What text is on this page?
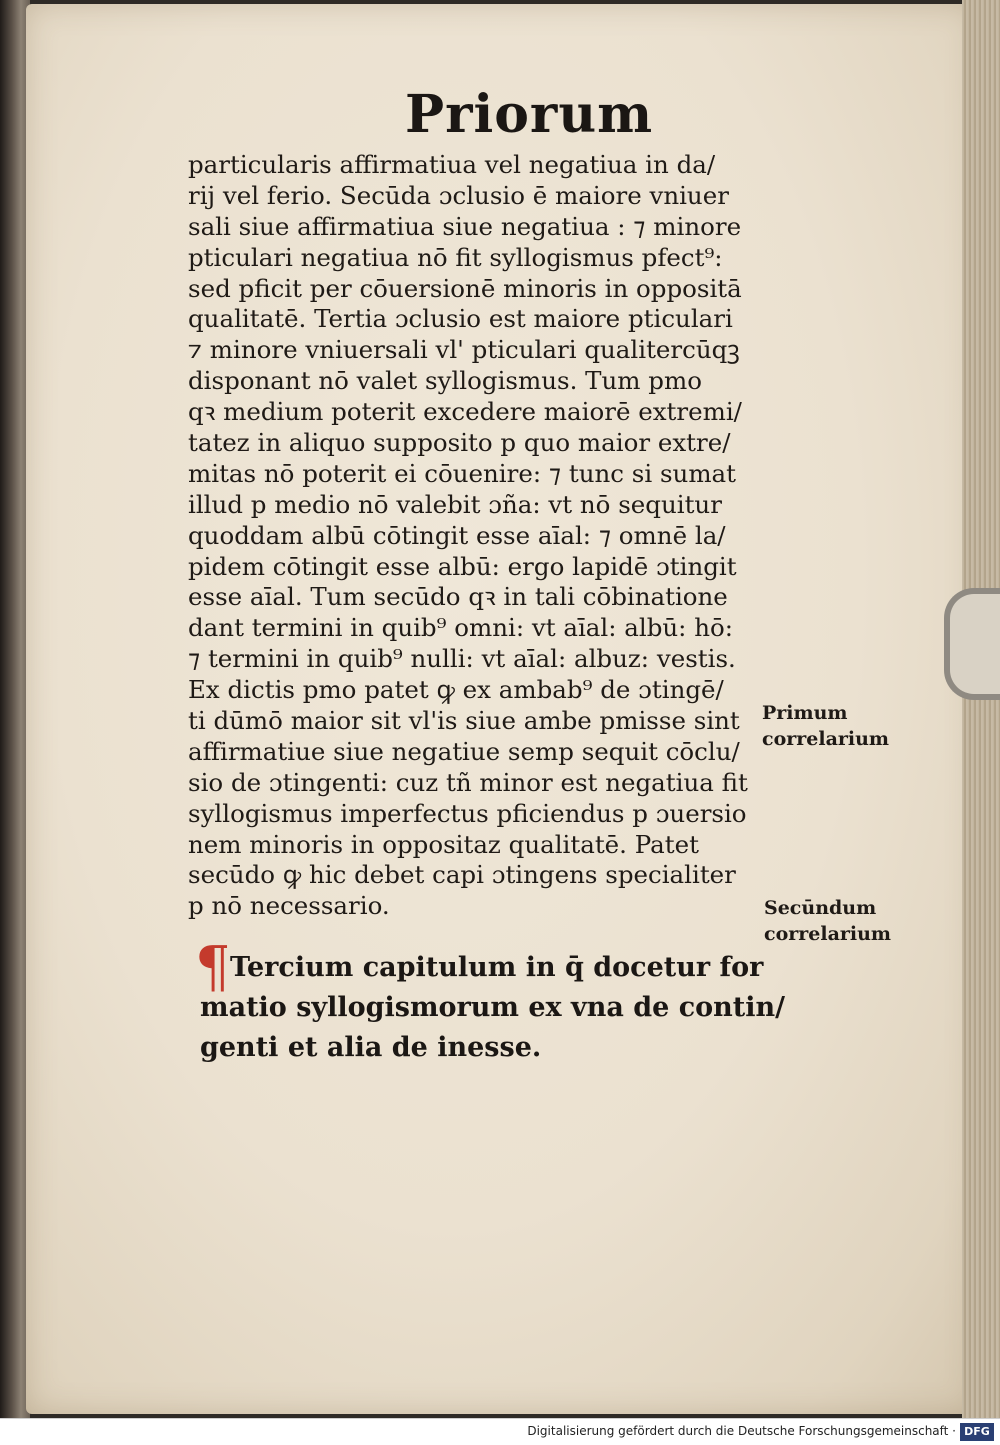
Priorum
particularis affirmatiua vel negatiua in da/
rij vel ferio. Secūda ɔclusio ē maiore vniuer
sali siue affirmatiua siue negatiua : ⁊ minore
pticulari negatiua nō fit syllogismus pfect⁹:
sed pficit per cōuersionē minoris in oppositā
qualitatē. Tertia ɔclusio est maiore pticulari
⁊ minore vniuersali vl' pticulari qualitercūqꝫ
disponant nō valet syllogismus. Tum pmo
qꝛ medium poterit excedere maiorē extremi/
tatez in aliquo supposito p quo maior extre/
mitas nō poterit ei cōuenire: ⁊ tunc si sumat
illud p medio nō valebit ɔña: vt nō sequitur
quoddam albū cōtingit esse aīal: ⁊ omnē la/
pidem cōtingit esse albū: ergo lapidē ɔtingit
esse aīal. Tum secūdo qꝛ in tali cōbinatione
dant termini in quib⁹ omni: vt aīal: albū: hō:
⁊ termini in quib⁹ nulli: vt aīal: albuz: vestis.
Ex dictis pmo patet ꝙ ex ambab⁹ de ɔtingē/
ti dūmō maior sit vl'is siue ambe pmisse sint
affirmatiue siue negatiue semp sequit cōclu/
sio de ɔtingenti: cuz tñ minor est negatiua fit
syllogismus imperfectus pficiendus p ɔuersio
nem minoris in oppositaz qualitatē. Patet
secūdo ꝙ hic debet capi ɔtingens specialiter
p nō necessario.
Primum
correlarium
Secūndum
correlarium
¶ Tercium capitulum in q̄ docetur for
matio syllogismorum ex vna de contin/
genti et alia de inesse.
Digitalisierung gefördert durch die Deutsche Forschungsgemeinschaft · DFG
